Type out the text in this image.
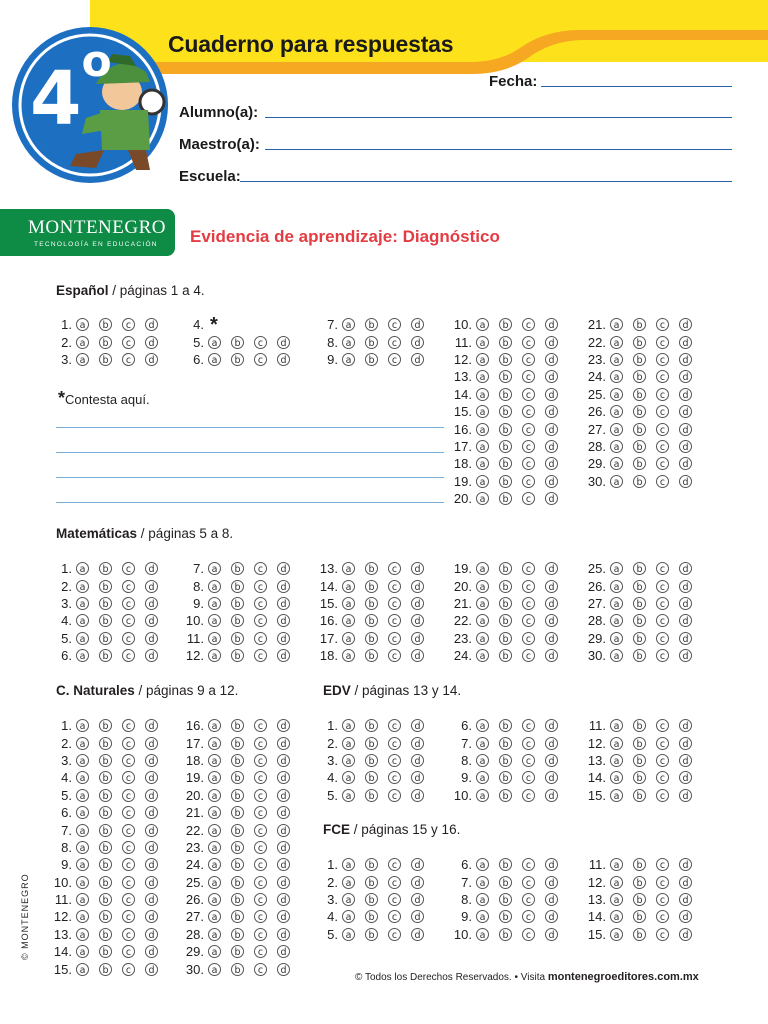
Cuaderno para respuestas
4$^o$	Fecha:
Alumno(a):
Maestro(a):
Escuela:
MONTENEGRO
TECNOLOGÍA EN EDUCACIÓN Evidencia de aprendizaje: Diagnóstico
Español / páginas 1 a 4.
Matemáticas / páginas 5 a 8.
C. Naturales / páginas 9 a 12.	EDV / páginas 13 y 14.
FCE / páginas 15 y 16.
*Contesta aquí.
1. a	b	c	d
2. a	b	c	d
3. a	b	c	d
4. *
5. a	b	c	d
6. a	b	c	d
7. a	b	c	d
8. a	b	c	d
9. a	b	c	d
10. a	b	c	d
11. a	b	c	d
12. a	b	c	d
13. a	b	c	d
14. a	b	c	d
15. a	b	c	d
16. a	b	c	d
17. a	b	c	d
18. a	b	c	d
19. a	b	c	d
20. a	b	c	d
21. a	b	c	d
22. a	b	c	d
23. a	b	c	d
24. a	b	c	d
25. a	b	c	d
26. a	b	c	d
27. a	b	c	d
28. a	b	c	d
29. a	b	c	d
30. a	b	c	d
1. a	b	c	d
2. a	b	c	d
3. a	b	c	d
4. a	b	c	d
5. a	b	c	d
6. a	b	c	d
7. a	b	c	d
8. a	b	c	d
9. a	b	c	d
10. a	b	c	d
11. a	b	c	d
12. a	b	c	d
13. a	b	c	d
14. a	b	c	d
15. a	b	c	d
16. a	b	c	d
17. a	b	c	d
18. a	b	c	d
19. a	b	c	d
20. a	b	c	d
21. a	b	c	d
22. a	b	c	d
23. a	b	c	d
24. a	b	c	d
25. a	b	c	d
26. a	b	c	d
27. a	b	c	d
28. a	b	c	d
29. a	b	c	d
30. a	b	c	d
1. a	b	c	d
2. a	b	c	d
3. a	b	c	d
4. a	b	c	d
5. a	b	c	d
6. a	b	c	d
7. a	b	c	d
8. a	b	c	d
9. a	b	c	d
10. a	b	c	d
11. a	b	c	d
12. a	b	c	d
13. a	b	c	d
14. a	b	c	d
15. a	b	c	d
16. a	b	c	d
17. a	b	c	d
18. a	b	c	d
19. a	b	c	d
20. a	b	c	d
21. a	b	c	d
22. a	b	c	d
23. a	b	c	d
24. a	b	c	d
25. a	b	c	d
26. a	b	c	d
27. a	b	c	d
28. a	b	c	d
29. a	b	c	d
30. a	b	c	d
1. a	b	c	d
2. a	b	c	d
3. a	b	c	d
4. a	b	c	d
5. a	b	c	d
6. a	b	c	d
7. a	b	c	d
8. a	b	c	d
9. a	b	c	d
10. a	b	c	d
11. a	b	c	d
12. a	b	c	d
13. a	b	c	d
14. a	b	c	d
15. a	b	c	d
1. a	b	c	d
2. a	b	c	d
3. a	b	c	d
4. a	b	c	d
5. a	b	c	d
6. a	b	c	d
7. a	b	c	d
8. a	b	c	d
9. a	b	c	d
10. a	b	c	d
11. a	b	c	d
12. a	b	c	d
13. a	b	c	d
14. a	b	c	d
15. a	b	c	d
© MONTENEGRO
© Todos los Derechos Reservados. • Visita montenegroeditores.com.mx
